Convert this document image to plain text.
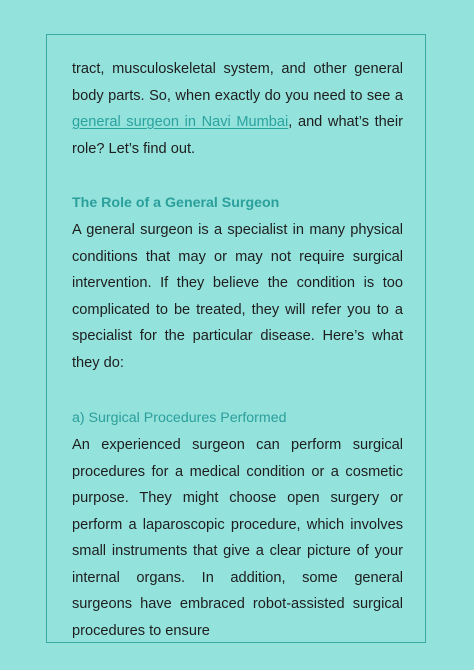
tract, musculoskeletal system, and other general body parts. So, when exactly do you need to see a general surgeon in Navi Mumbai, and what’s their role? Let’s find out.

The Role of a General Surgeon

A general surgeon is a specialist in many physical conditions that may or may not require surgical intervention. If they believe the condition is too complicated to be treated, they will refer you to a specialist for the particular disease. Here’s what they do:

a) Surgical Procedures Performed

An experienced surgeon can perform surgical procedures for a medical condition or a cosmetic purpose. They might choose open surgery or perform a laparoscopic procedure, which involves small instruments that give a clear picture of your internal organs. In addition, some general surgeons have embraced robot-assisted surgical procedures to ensure
